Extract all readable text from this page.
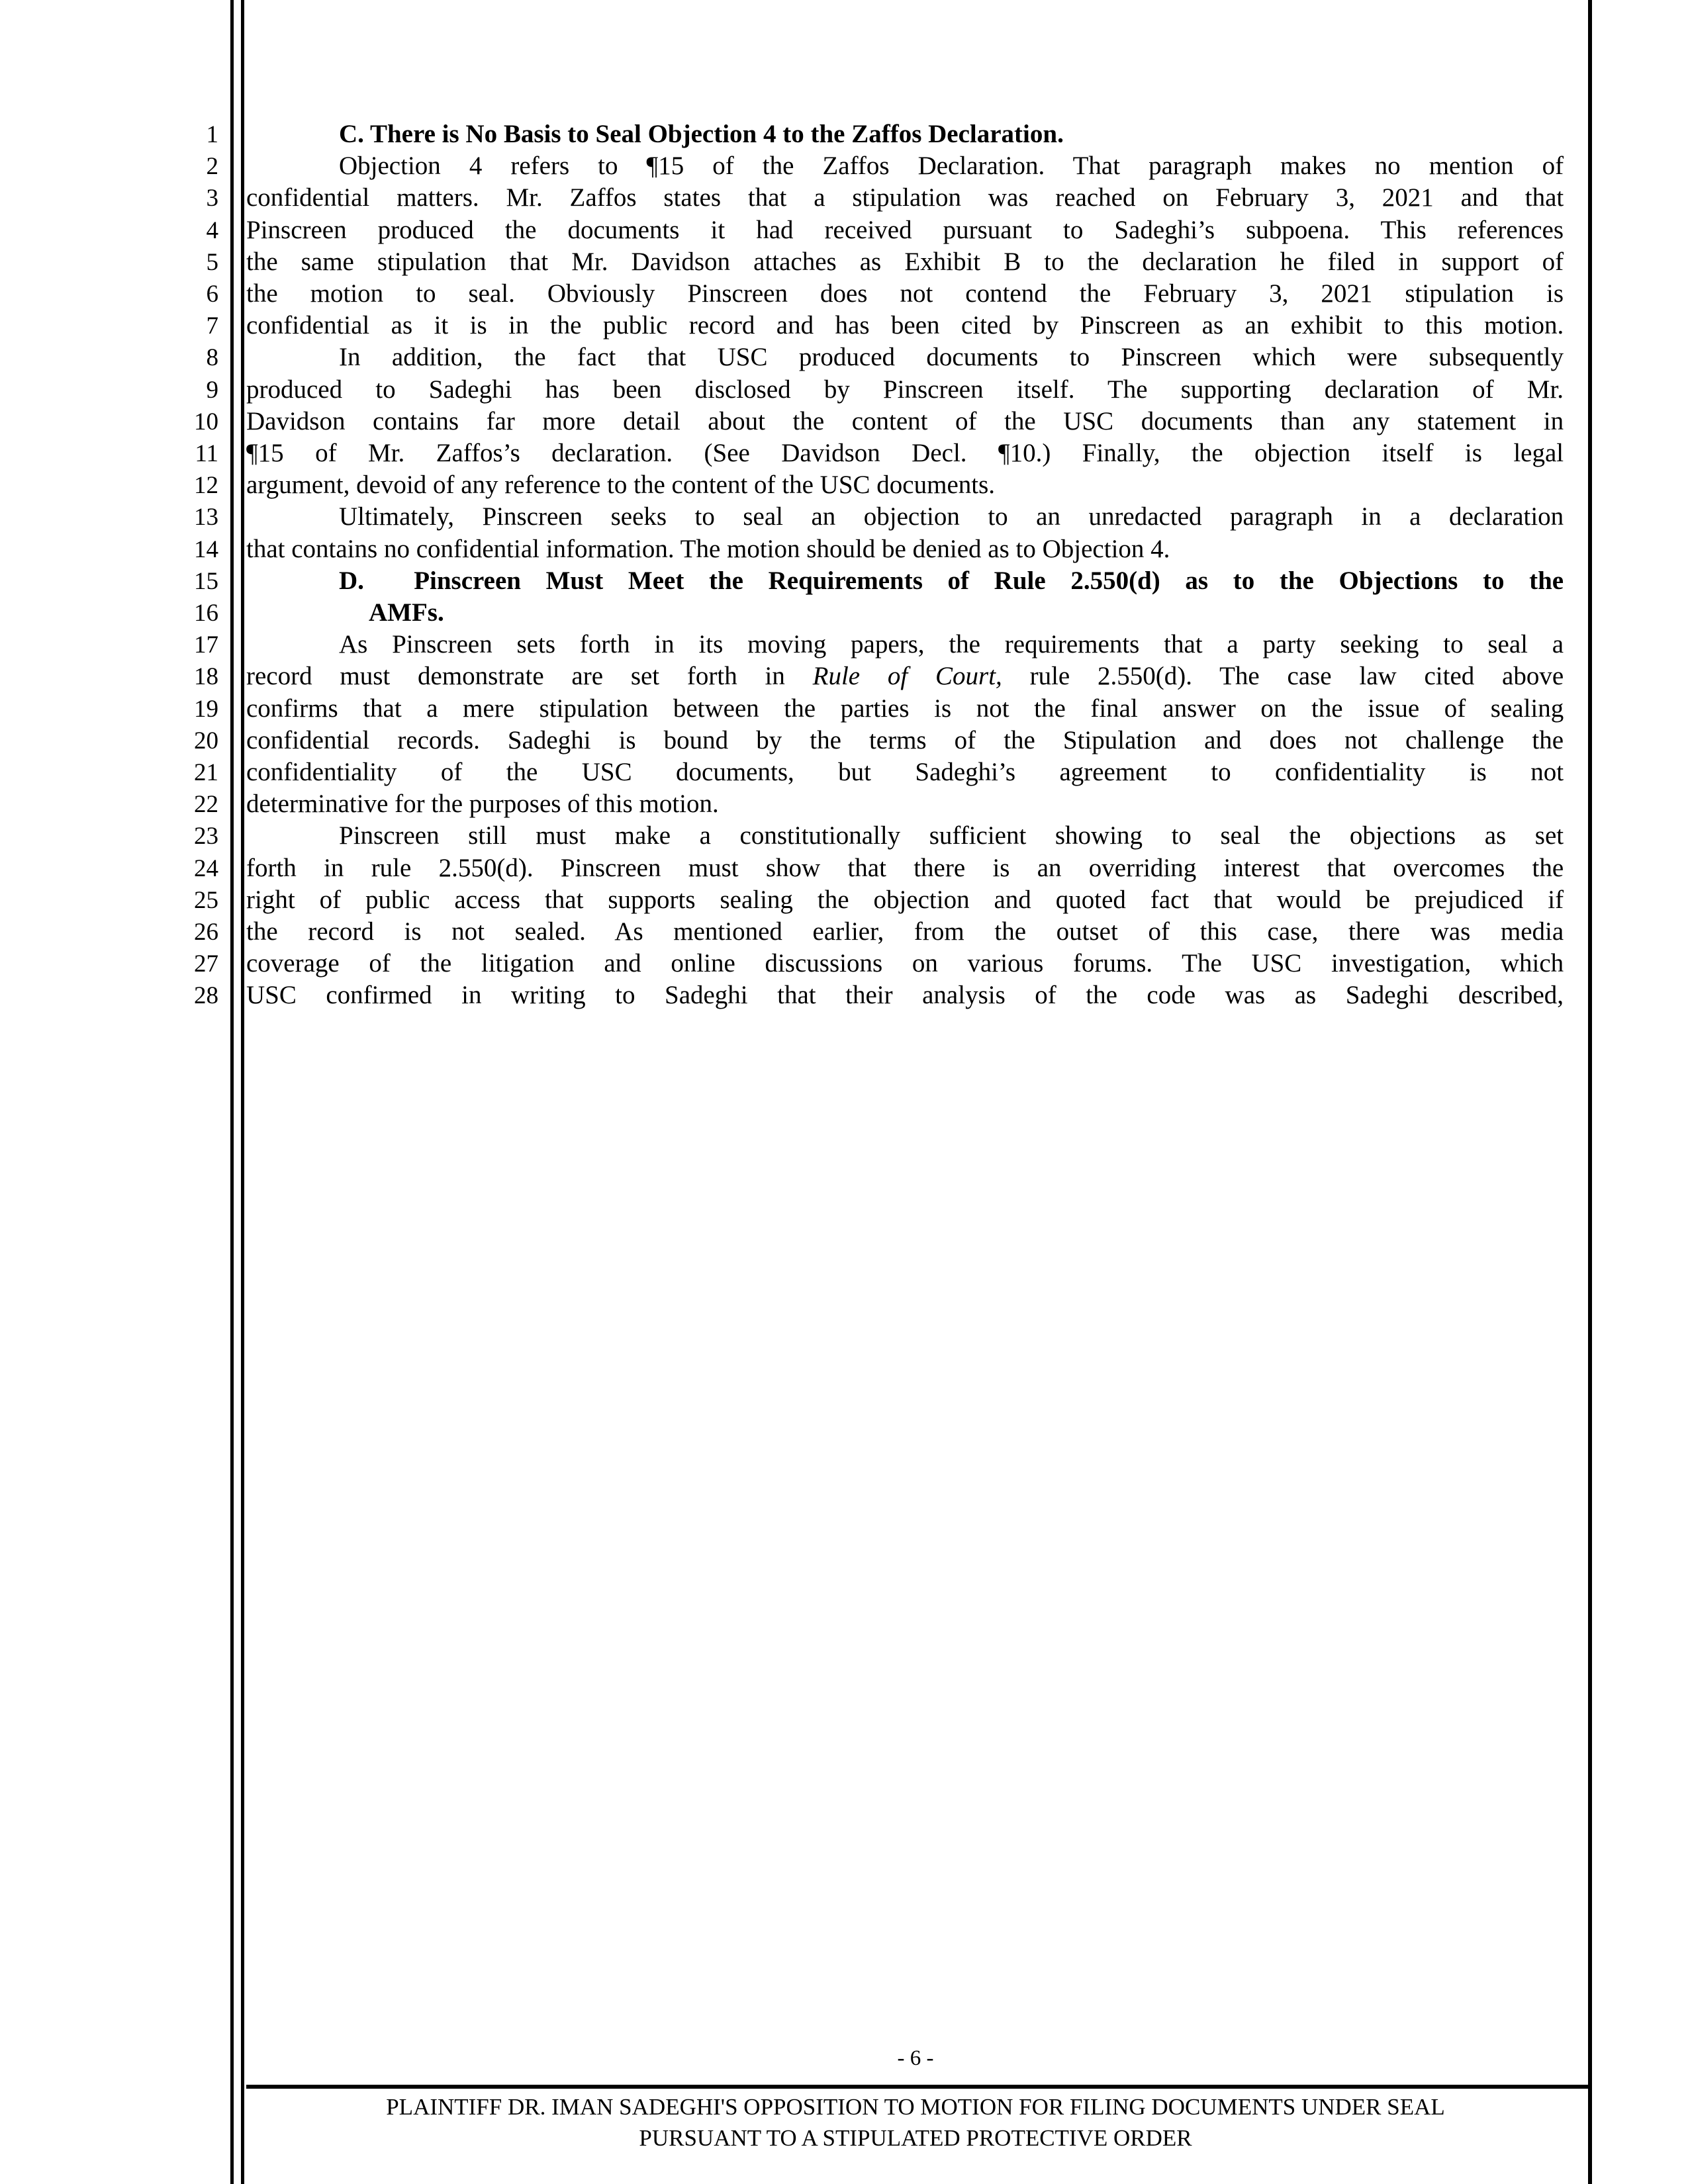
1
2
3
4
5
6
7
8
9
10
11
12
13
14
15
16
17
18
19
20
21
22
23
24
25
26
27
28
C. There is No Basis to Seal Objection 4 to the Zaffos Declaration.
Objection 4 refers to ¶15 of the Zaffos Declaration. That paragraph makes no mention of
confidential matters. Mr. Zaffos states that a stipulation was reached on February 3, 2021 and that
Pinscreen produced the documents it had received pursuant to Sadeghi’s subpoena. This references
the same stipulation that Mr. Davidson attaches as Exhibit B to the declaration he filed in support of
the motion to seal. Obviously Pinscreen does not contend the February 3, 2021 stipulation is
confidential as it is in the public record and has been cited by Pinscreen as an exhibit to this motion.
In addition, the fact that USC produced documents to Pinscreen which were subsequently
produced to Sadeghi has been disclosed by Pinscreen itself. The supporting declaration of Mr.
Davidson contains far more detail about the content of the USC documents than any statement in
¶15 of Mr. Zaffos’s declaration. (See Davidson Decl. ¶10.) Finally, the objection itself is legal
argument, devoid of any reference to the content of the USC documents.
Ultimately, Pinscreen seeks to seal an objection to an unredacted paragraph in a declaration
that contains no confidential information. The motion should be denied as to Objection 4.
D. Pinscreen Must Meet the Requirements of Rule 2.550(d) as to the Objections to the
AMFs.
As Pinscreen sets forth in its moving papers, the requirements that a party seeking to seal a
record must demonstrate are set forth in Rule of Court, rule 2.550(d). The case law cited above
confirms that a mere stipulation between the parties is not the final answer on the issue of sealing
confidential records. Sadeghi is bound by the terms of the Stipulation and does not challenge the
confidentiality of the USC documents, but Sadeghi’s agreement to confidentiality is not
determinative for the purposes of this motion.
Pinscreen still must make a constitutionally sufficient showing to seal the objections as set
forth in rule 2.550(d). Pinscreen must show that there is an overriding interest that overcomes the
right of public access that supports sealing the objection and quoted fact that would be prejudiced if
the record is not sealed. As mentioned earlier, from the outset of this case, there was media
coverage of the litigation and online discussions on various forums. The USC investigation, which
USC confirmed in writing to Sadeghi that their analysis of the code was as Sadeghi described,
- 6 -
PLAINTIFF DR. IMAN SADEGHI'S OPPOSITION TO MOTION FOR FILING DOCUMENTS UNDER SEAL
PURSUANT TO A STIPULATED PROTECTIVE ORDER
